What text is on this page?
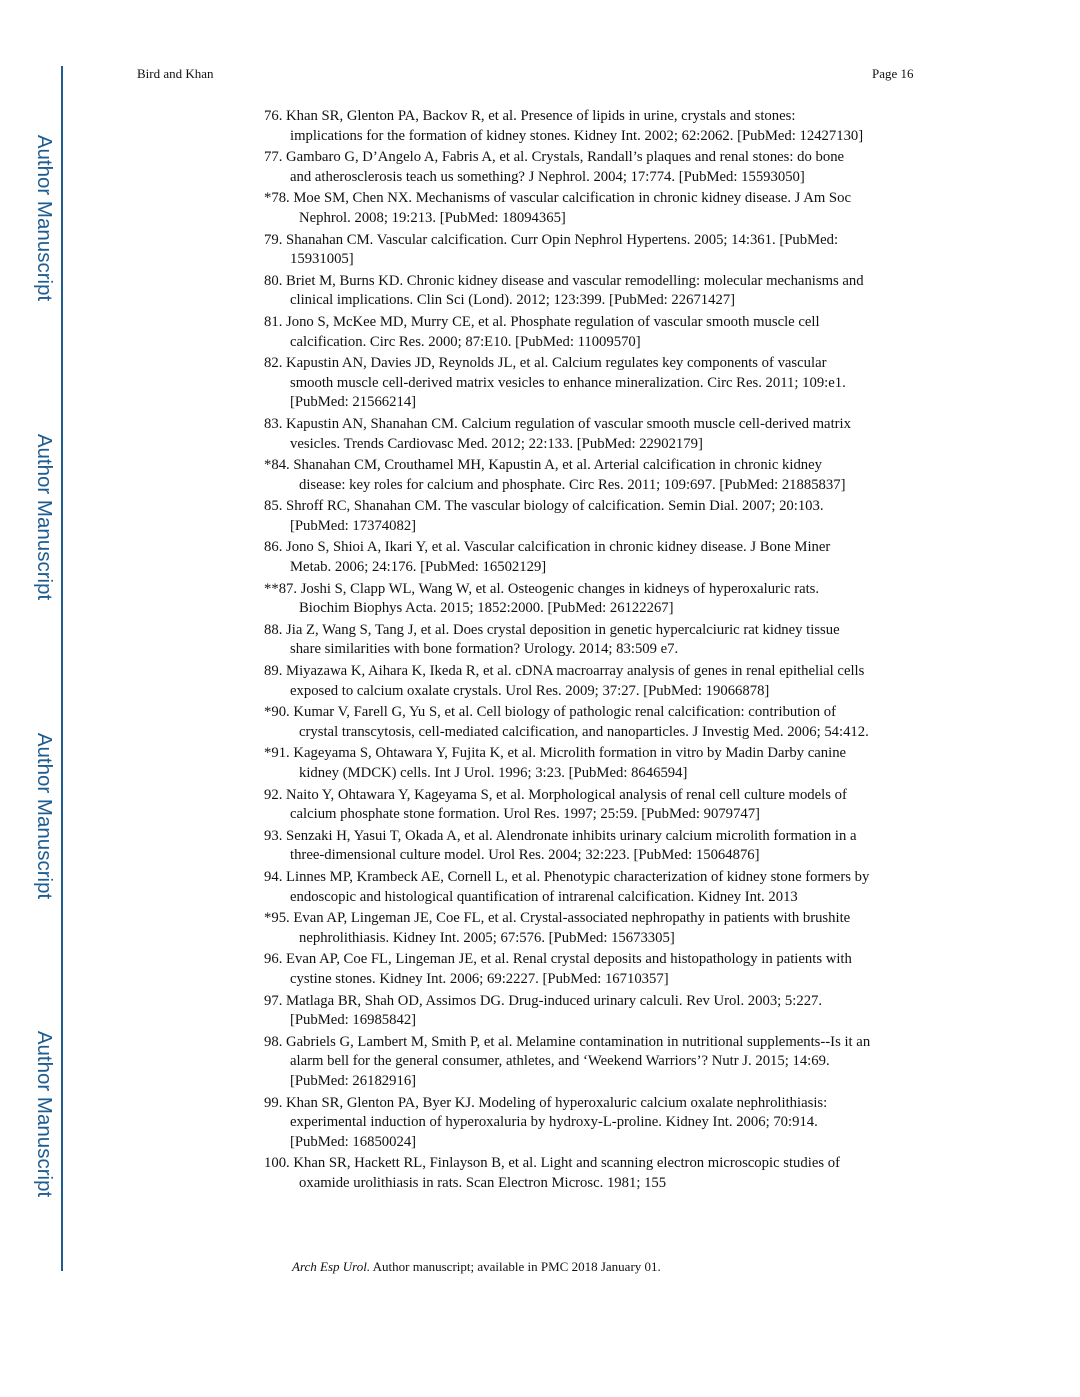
Author Manuscript
Author Manuscript
Author Manuscript
Author Manuscript
Bird and Khan	Page 16
76. Khan SR, Glenton PA, Backov R, et al. Presence of lipids in urine, crystals and stones:
implications for the formation of kidney stones. Kidney Int. 2002; 62:2062. [PubMed: 12427130]
77. Gambaro G, D’Angelo A, Fabris A, et al. Crystals, Randall’s plaques and renal stones: do bone
and atherosclerosis teach us something? J Nephrol. 2004; 17:774. [PubMed: 15593050]
*78. Moe SM, Chen NX. Mechanisms of vascular calcification in chronic kidney disease. J Am Soc
Nephrol. 2008; 19:213. [PubMed: 18094365]
79. Shanahan CM. Vascular calcification. Curr Opin Nephrol Hypertens. 2005; 14:361. [PubMed:
15931005]
80. Briet M, Burns KD. Chronic kidney disease and vascular remodelling: molecular mechanisms and
clinical implications. Clin Sci (Lond). 2012; 123:399. [PubMed: 22671427]
81. Jono S, McKee MD, Murry CE, et al. Phosphate regulation of vascular smooth muscle cell
calcification. Circ Res. 2000; 87:E10. [PubMed: 11009570]
82. Kapustin AN, Davies JD, Reynolds JL, et al. Calcium regulates key components of vascular
smooth muscle cell-derived matrix vesicles to enhance mineralization. Circ Res. 2011; 109:e1.
[PubMed: 21566214]
83. Kapustin AN, Shanahan CM. Calcium regulation of vascular smooth muscle cell-derived matrix
vesicles. Trends Cardiovasc Med. 2012; 22:133. [PubMed: 22902179]
*84. Shanahan CM, Crouthamel MH, Kapustin A, et al. Arterial calcification in chronic kidney
disease: key roles for calcium and phosphate. Circ Res. 2011; 109:697. [PubMed: 21885837]
85. Shroff RC, Shanahan CM. The vascular biology of calcification. Semin Dial. 2007; 20:103.
[PubMed: 17374082]
86. Jono S, Shioi A, Ikari Y, et al. Vascular calcification in chronic kidney disease. J Bone Miner
Metab. 2006; 24:176. [PubMed: 16502129]
**87. Joshi S, Clapp WL, Wang W, et al. Osteogenic changes in kidneys of hyperoxaluric rats.
Biochim Biophys Acta. 2015; 1852:2000. [PubMed: 26122267]
88. Jia Z, Wang S, Tang J, et al. Does crystal deposition in genetic hypercalciuric rat kidney tissue
share similarities with bone formation? Urology. 2014; 83:509 e7.
89. Miyazawa K, Aihara K, Ikeda R, et al. cDNA macroarray analysis of genes in renal epithelial cells
exposed to calcium oxalate crystals. Urol Res. 2009; 37:27. [PubMed: 19066878]
*90. Kumar V, Farell G, Yu S, et al. Cell biology of pathologic renal calcification: contribution of
crystal transcytosis, cell-mediated calcification, and nanoparticles. J Investig Med. 2006; 54:412.
*91. Kageyama S, Ohtawara Y, Fujita K, et al. Microlith formation in vitro by Madin Darby canine
kidney (MDCK) cells. Int J Urol. 1996; 3:23. [PubMed: 8646594]
92. Naito Y, Ohtawara Y, Kageyama S, et al. Morphological analysis of renal cell culture models of
calcium phosphate stone formation. Urol Res. 1997; 25:59. [PubMed: 9079747]
93. Senzaki H, Yasui T, Okada A, et al. Alendronate inhibits urinary calcium microlith formation in a
three-dimensional culture model. Urol Res. 2004; 32:223. [PubMed: 15064876]
94. Linnes MP, Krambeck AE, Cornell L, et al. Phenotypic characterization of kidney stone formers by
endoscopic and histological quantification of intrarenal calcification. Kidney Int. 2013
*95. Evan AP, Lingeman JE, Coe FL, et al. Crystal-associated nephropathy in patients with brushite
nephrolithiasis. Kidney Int. 2005; 67:576. [PubMed: 15673305]
96. Evan AP, Coe FL, Lingeman JE, et al. Renal crystal deposits and histopathology in patients with
cystine stones. Kidney Int. 2006; 69:2227. [PubMed: 16710357]
97. Matlaga BR, Shah OD, Assimos DG. Drug-induced urinary calculi. Rev Urol. 2003; 5:227.
[PubMed: 16985842]
98. Gabriels G, Lambert M, Smith P, et al. Melamine contamination in nutritional supplements--Is it an
alarm bell for the general consumer, athletes, and ‘Weekend Warriors’? Nutr J. 2015; 14:69.
[PubMed: 26182916]
99. Khan SR, Glenton PA, Byer KJ. Modeling of hyperoxaluric calcium oxalate nephrolithiasis:
experimental induction of hyperoxaluria by hydroxy-L-proline. Kidney Int. 2006; 70:914.
[PubMed: 16850024]
100. Khan SR, Hackett RL, Finlayson B, et al. Light and scanning electron microscopic studies of
oxamide urolithiasis in rats. Scan Electron Microsc. 1981; 155
Arch Esp Urol. Author manuscript; available in PMC 2018 January 01.
